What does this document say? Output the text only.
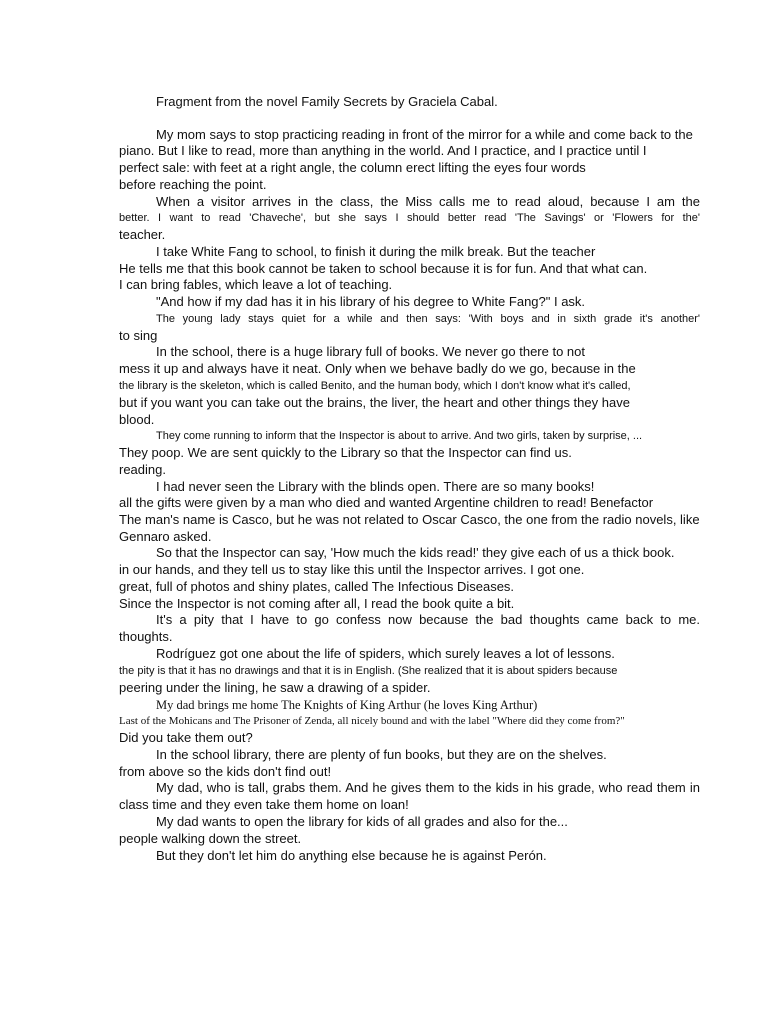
Fragment from the novel Family Secrets by Graciela Cabal.
My mom says to stop practicing reading in front of the mirror for a while and come back to the
piano. But I like to read, more than anything in the world. And I practice, and I practice until I
perfect sale: with feet at a right angle, the column erect lifting the eyes four words
before reaching the point.
When a visitor arrives in the class, the Miss calls me to read aloud, because I am the
better. I want to read 'Chaveche', but she says I should better read 'The Savings' or 'Flowers for the'
teacher.
I take White Fang to school, to finish it during the milk break. But the teacher
He tells me that this book cannot be taken to school because it is for fun. And that what can.
I can bring fables, which leave a lot of teaching.
"And how if my dad has it in his library of his degree to White Fang?" I ask.
The young lady stays quiet for a while and then says: 'With boys and in sixth grade it's another'
to sing
In the school, there is a huge library full of books. We never go there to not
mess it up and always have it neat. Only when we behave badly do we go, because in the
the library is the skeleton, which is called Benito, and the human body, which I don't know what it's called,
but if you want you can take out the brains, the liver, the heart and other things they have
blood.
They come running to inform that the Inspector is about to arrive. And two girls, taken by surprise, ...
They poop. We are sent quickly to the Library so that the Inspector can find us.
reading.
I had never seen the Library with the blinds open. There are so many books!
all the gifts were given by a man who died and wanted Argentine children to read! Benefactor
The man's name is Casco, but he was not related to Oscar Casco, the one from the radio novels, like
Gennaro asked.
So that the Inspector can say, 'How much the kids read!' they give each of us a thick book.
in our hands, and they tell us to stay like this until the Inspector arrives. I got one.
great, full of photos and shiny plates, called The Infectious Diseases.
Since the Inspector is not coming after all, I read the book quite a bit.
It's a pity that I have to go confess now because the bad thoughts came back to me.
thoughts.
Rodríguez got one about the life of spiders, which surely leaves a lot of lessons.
the pity is that it has no drawings and that it is in English. (She realized that it is about spiders because
peering under the lining, he saw a drawing of a spider.
My dad brings me home The Knights of King Arthur (he loves King Arthur)
Last of the Mohicans and The Prisoner of Zenda, all nicely bound and with the label "Where did they come from?"
Did you take them out?
In the school library, there are plenty of fun books, but they are on the shelves.
from above so the kids don't find out!
My dad, who is tall, grabs them. And he gives them to the kids in his grade, who read them in
class time and they even take them home on loan!
My dad wants to open the library for kids of all grades and also for the...
people walking down the street.
But they don't let him do anything else because he is against Perón.
